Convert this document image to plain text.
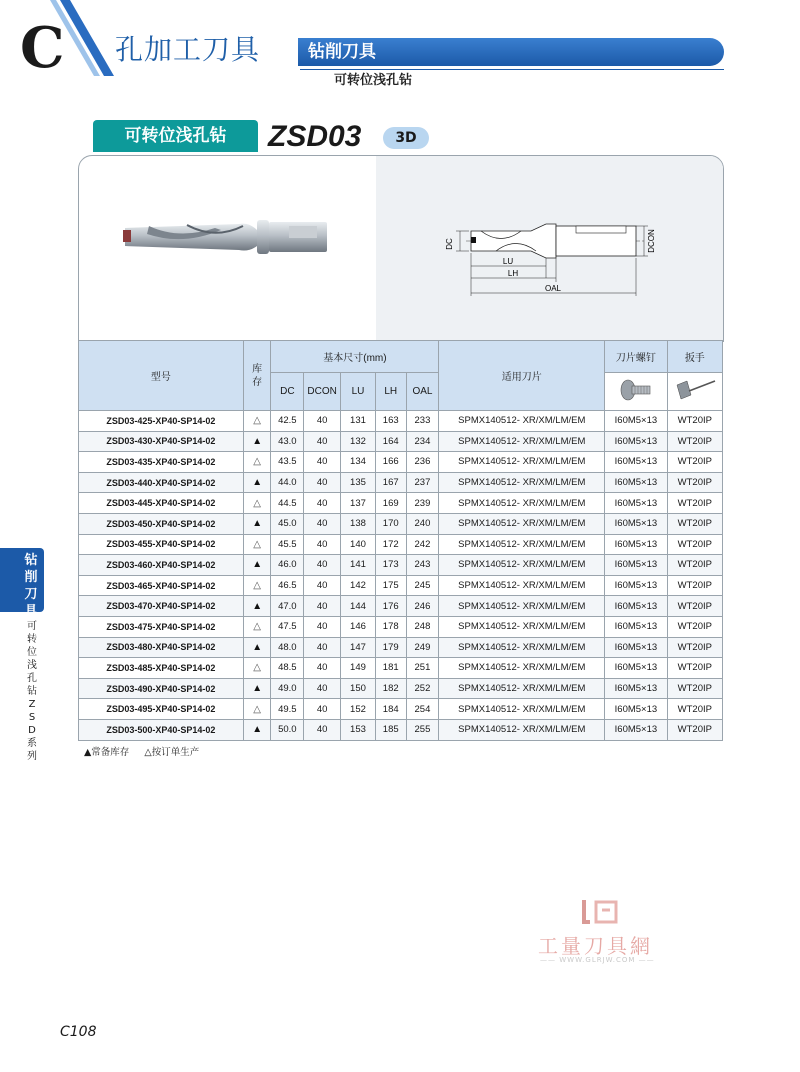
C 孔加工刀具	钻削刀具
可转位浅孔钻
可转位浅孔钻	ZSD03	3D
DC	DCON
LU
LH
OAL
型号	库存	基本尺寸(mm)					适用刀片	刀片螺钉	扳手
		DC	DCON	LU	LH	OAL		
ZSD03-425-XP40-SP14-02	△	42.5	40	131	163	233	SPMX140512- XR/XM/LM/EM	I60M5×13	WT20IP
ZSD03-430-XP40-SP14-02	▲	43.0	40	132	164	234	SPMX140512- XR/XM/LM/EM	I60M5×13	WT20IP
ZSD03-435-XP40-SP14-02	△	43.5	40	134	166	236	SPMX140512- XR/XM/LM/EM	I60M5×13	WT20IP
ZSD03-440-XP40-SP14-02	▲	44.0	40	135	167	237	SPMX140512- XR/XM/LM/EM	I60M5×13	WT20IP
ZSD03-445-XP40-SP14-02	△	44.5	40	137	169	239	SPMX140512- XR/XM/LM/EM	I60M5×13	WT20IP
ZSD03-450-XP40-SP14-02	▲	45.0	40	138	170	240	SPMX140512- XR/XM/LM/EM	I60M5×13	WT20IP
ZSD03-455-XP40-SP14-02	△	45.5	40	140	172	242	SPMX140512- XR/XM/LM/EM	I60M5×13	WT20IP
ZSD03-460-XP40-SP14-02	▲	46.0	40	141	173	243	SPMX140512- XR/XM/LM/EM	I60M5×13	WT20IP
ZSD03-465-XP40-SP14-02	△	46.5	40	142	175	245	SPMX140512- XR/XM/LM/EM	I60M5×13	WT20IP
ZSD03-470-XP40-SP14-02	▲	47.0	40	144	176	246	SPMX140512- XR/XM/LM/EM	I60M5×13	WT20IP
ZSD03-475-XP40-SP14-02	△	47.5	40	146	178	248	SPMX140512- XR/XM/LM/EM	I60M5×13	WT20IP
ZSD03-480-XP40-SP14-02	▲	48.0	40	147	179	249	SPMX140512- XR/XM/LM/EM	I60M5×13	WT20IP
ZSD03-485-XP40-SP14-02	△	48.5	40	149	181	251	SPMX140512- XR/XM/LM/EM	I60M5×13	WT20IP
ZSD03-490-XP40-SP14-02	▲	49.0	40	150	182	252	SPMX140512- XR/XM/LM/EM	I60M5×13	WT20IP
ZSD03-495-XP40-SP14-02	△	49.5	40	152	184	254	SPMX140512- XR/XM/LM/EM	I60M5×13	WT20IP
ZSD03-500-XP40-SP14-02	▲	50.0	40	153	185	255	SPMX140512- XR/XM/LM/EM	I60M5×13	WT20IP
▲常备库存 △按订单生产
钻削刀具
可转位浅孔钻ZSD系列
工量刀具網
—— WWW.GLRJW.COM ——
C108
